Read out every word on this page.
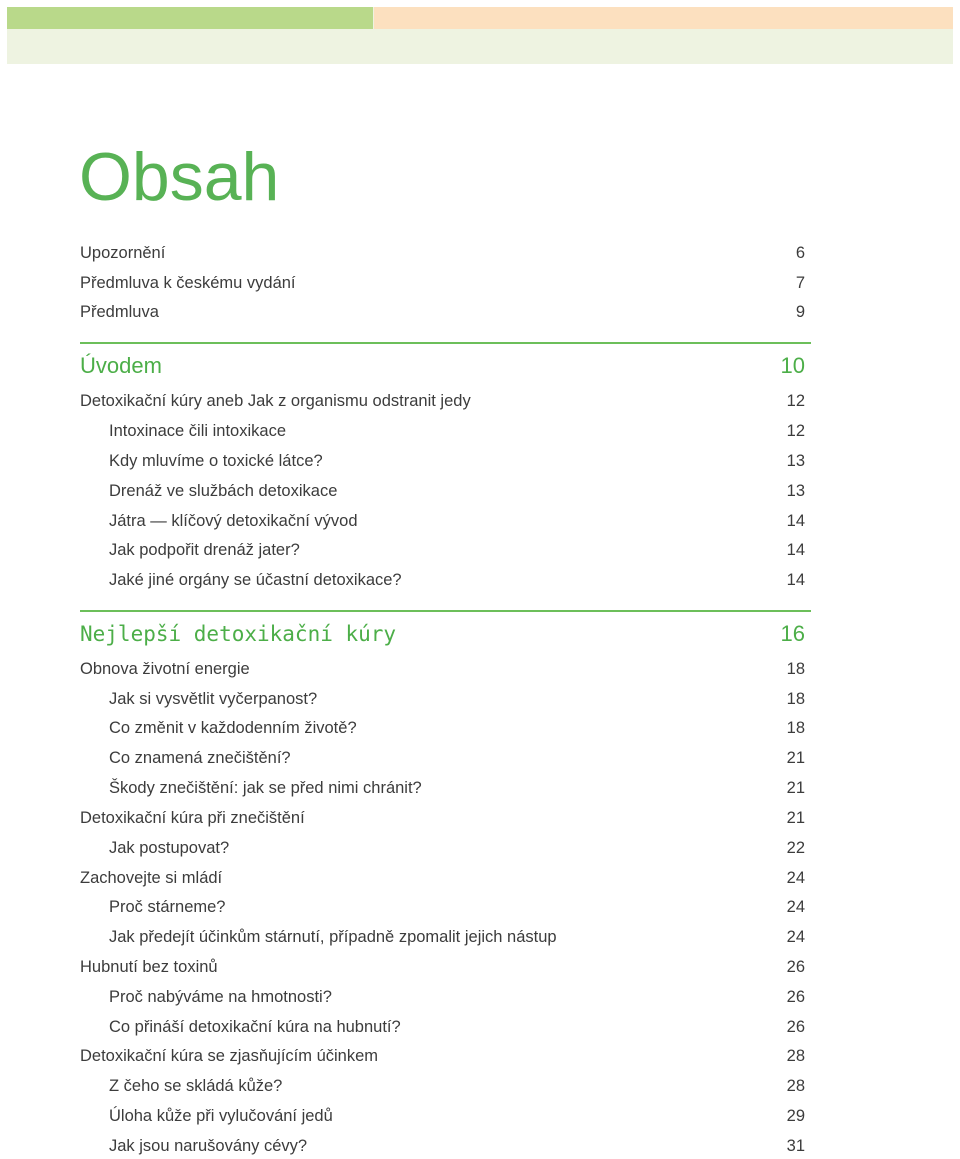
Obsah
Upozornění	6
Předmluva k českému vydání	7
Předmluva	9
Úvodem	10
Detoxikační kúry aneb Jak z organismu odstranit jedy	12
Intoxinace čili intoxikace	12
Kdy mluvíme o toxické látce?	13
Drenáž ve službách detoxikace	13
Játra — klíčový detoxikační vývod	14
Jak podpořit drenáž jater?	14
Jaké jiné orgány se účastní detoxikace?	14
Nejlepší detoxikační kúry	16
Obnova životní energie	18
Jak si vysvětlit vyčerpanost?	18
Co změnit v každodenním životě?	18
Co znamená znečištění?	21
Škody znečištění: jak se před nimi chránit?	21
Detoxikační kúra při znečištění	21
Jak postupovat?	22
Zachovejte si mládí	24
Proč stárneme?	24
Jak předejít účinkům stárnutí, případně zpomalit jejich nástup	24
Hubnutí bez toxinů	26
Proč nabýváme na hmotnosti?	26
Co přináší detoxikační kúra na hubnutí?	26
Detoxikační kúra se zjasňujícím účinkem	28
Z čeho se skládá kůže?	28
Úloha kůže při vylučování jedů	29
Jak jsou narušovány cévy?	31
